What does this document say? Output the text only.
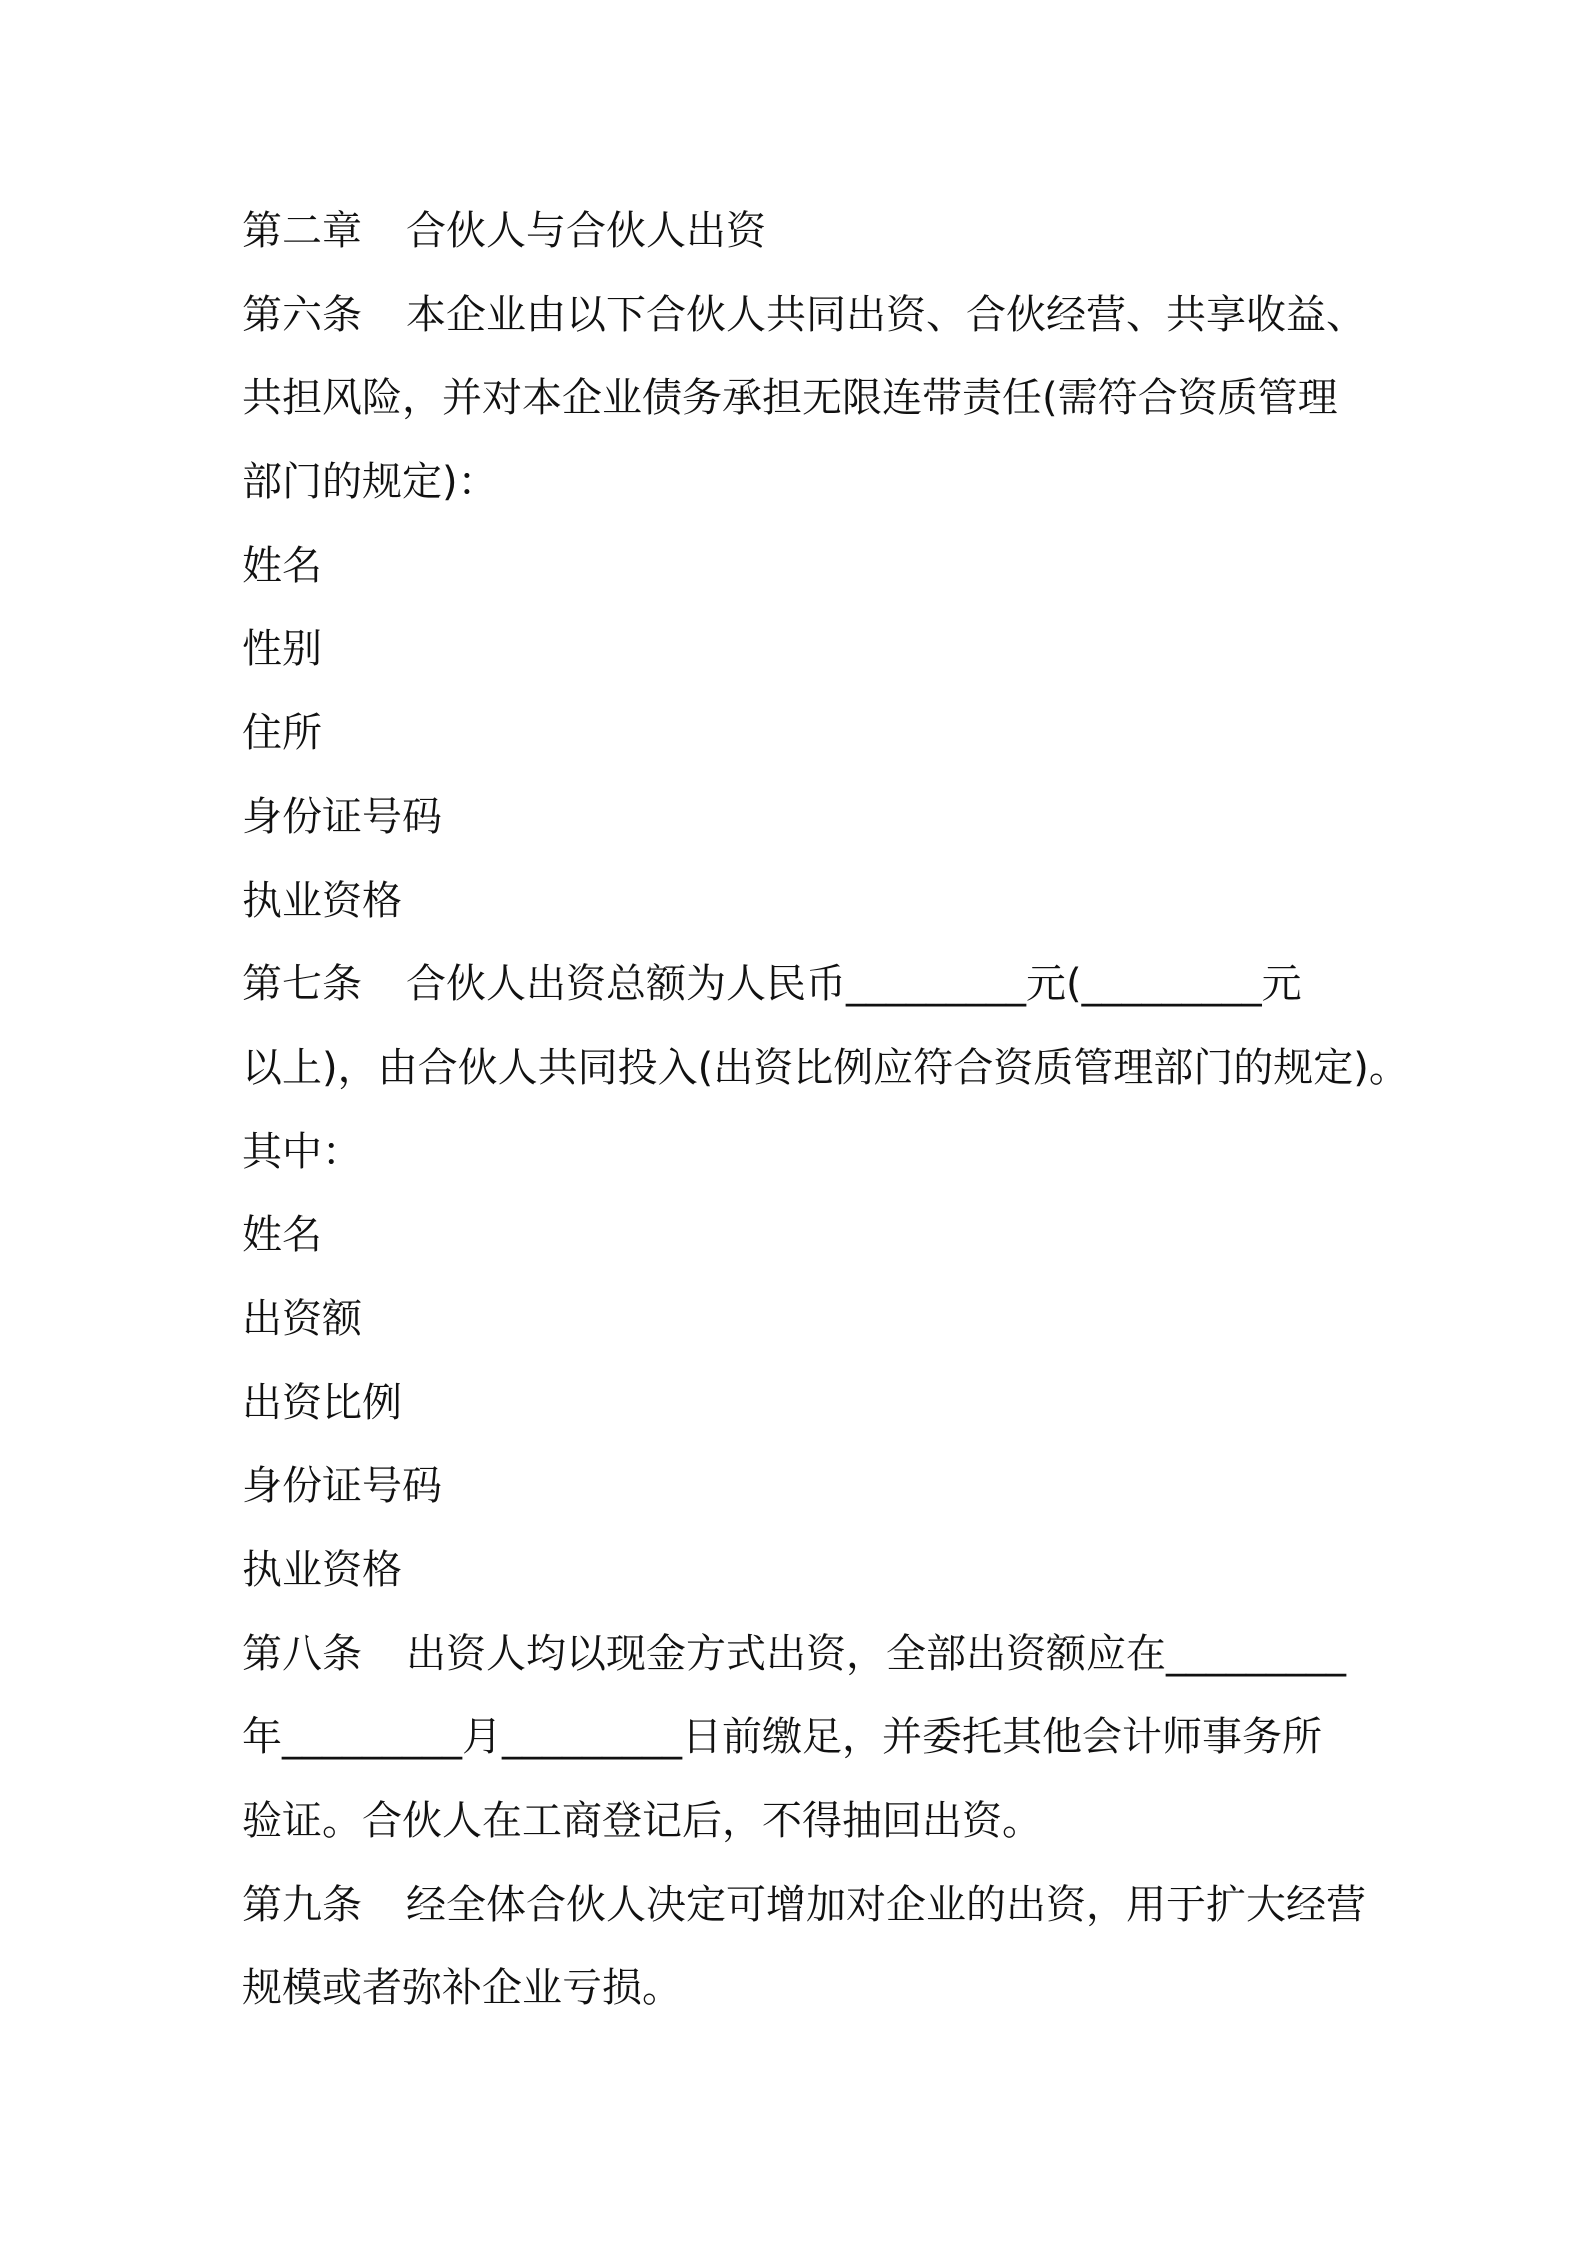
第二章 合伙人与合伙人出资
第六条 本企业由以下合伙人共同出资、合伙经营、共享收益、
共担风险，并对本企业债务承担无限连带责任(需符合资质管理
部门的规定)：
姓名
性别
住所
身份证号码
执业资格
第七条 合伙人出资总额为人民币_________元(_________元
以上)，由合伙人共同投入(出资比例应符合资质管理部门的规定)。
其中：
姓名
出资额
出资比例
身份证号码
执业资格
第八条 出资人均以现金方式出资，全部出资额应在_________
年_________月_________日前缴足，并委托其他会计师事务所
验证。合伙人在工商登记后，不得抽回出资。
第九条 经全体合伙人决定可增加对企业的出资，用于扩大经营
规模或者弥补企业亏损。
